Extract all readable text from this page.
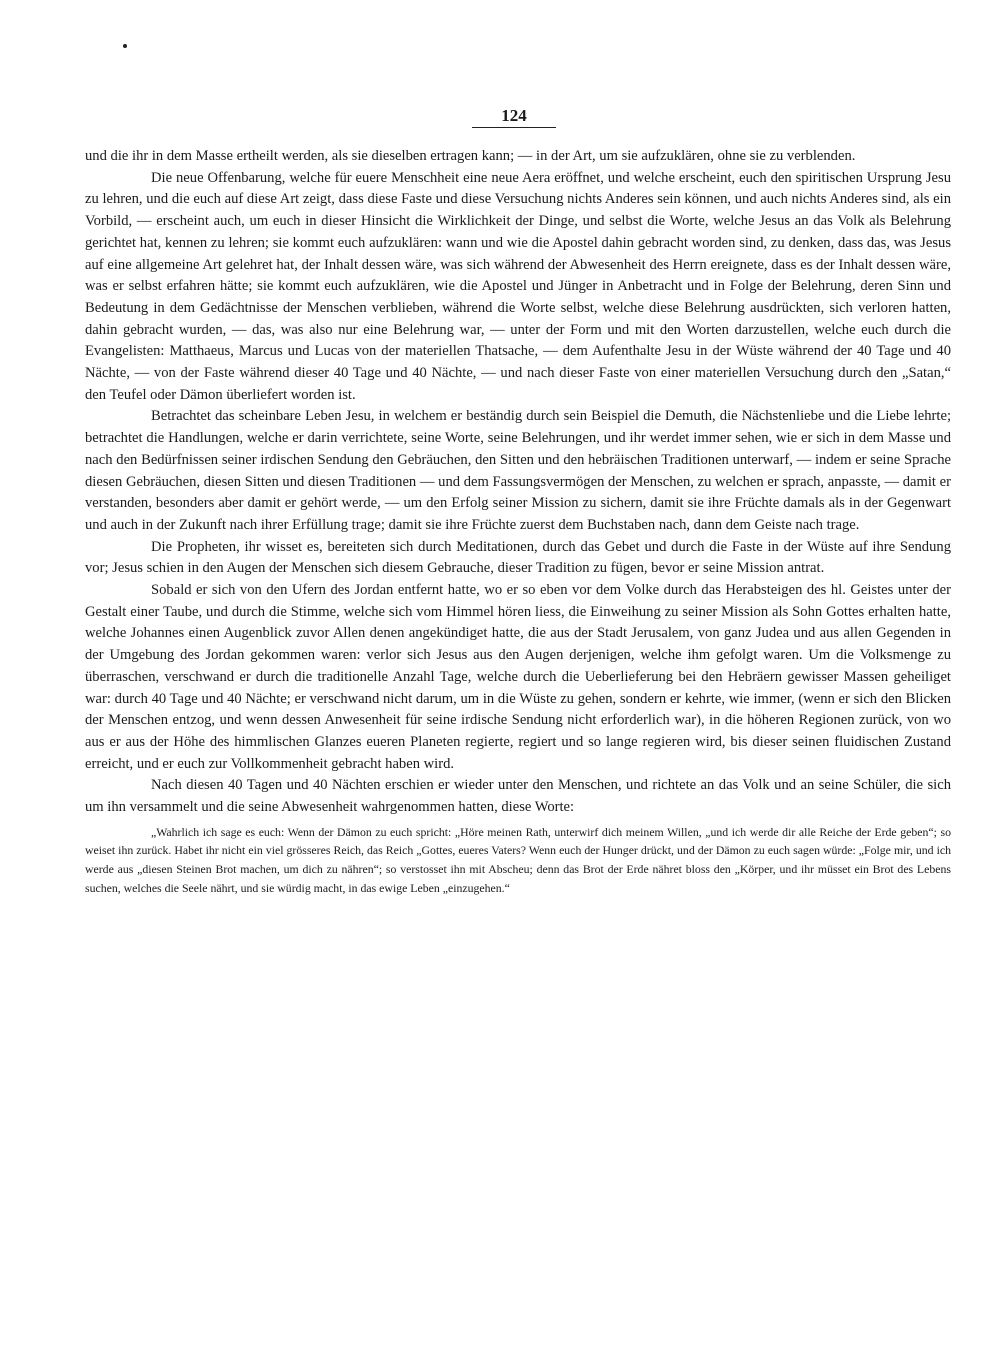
124

und die ihr in dem Masse ertheilt werden, als sie dieselben ertragen kann; — in der Art, um sie aufzuklären, ohne sie zu verblenden.

Die neue Offenbarung, welche für euere Menschheit eine neue Aera eröffnet, und welche erscheint, euch den spiritischen Ursprung Jesu zu lehren, und die euch auf diese Art zeigt, dass diese Faste und diese Versuchung nichts Anderes sein können, und auch nichts Anderes sind, als ein Vorbild, — erscheint auch, um euch in dieser Hinsicht die Wirklichkeit der Dinge, und selbst die Worte, welche Jesus an das Volk als Belehrung gerichtet hat, kennen zu lehren; sie kommt euch aufzuklären: wann und wie die Apostel dahin gebracht worden sind, zu denken, dass das, was Jesus auf eine allgemeine Art gelehret hat, der Inhalt dessen wäre, was sich während der Abwesenheit des Herrn ereignete, dass es der Inhalt dessen wäre, was er selbst erfahren hätte; sie kommt euch aufzuklären, wie die Apostel und Jünger in Anbetracht und in Folge der Belehrung, deren Sinn und Bedeutung in dem Gedächtnisse der Menschen verblieben, während die Worte selbst, welche diese Belehrung ausdrückten, sich verloren hatten, dahin gebracht wurden, — das, was also nur eine Belehrung war, — unter der Form und mit den Worten darzustellen, welche euch durch die Evangelisten: Matthaeus, Marcus und Lucas von der materiellen Thatsache, — dem Aufenthalte Jesu in der Wüste während der 40 Tage und 40 Nächte, — von der Faste während dieser 40 Tage und 40 Nächte, — und nach dieser Faste von einer materiellen Versuchung durch den „Satan,“ den Teufel oder Dämon überliefert worden ist.

Betrachtet das scheinbare Leben Jesu, in welchem er beständig durch sein Beispiel die Demuth, die Nächstenliebe und die Liebe lehrte; betrachtet die Handlungen, welche er darin verrichtete, seine Worte, seine Belehrungen, und ihr werdet immer sehen, wie er sich in dem Masse und nach den Bedürfnissen seiner irdischen Sendung den Gebräuchen, den Sitten und den hebräischen Traditionen unterwarf, — indem er seine Sprache diesen Gebräuchen, diesen Sitten und diesen Traditionen — und dem Fassungsvermögen der Menschen, zu welchen er sprach, anpasste, — damit er verstanden, besonders aber damit er gehört werde, — um den Erfolg seiner Mission zu sichern, damit sie ihre Früchte damals als in der Gegenwart und auch in der Zukunft nach ihrer Erfüllung trage; damit sie ihre Früchte zuerst dem Buchstaben nach, dann dem Geiste nach trage.

Die Propheten, ihr wisset es, bereiteten sich durch Meditationen, durch das Gebet und durch die Faste in der Wüste auf ihre Sendung vor; Jesus schien in den Augen der Menschen sich diesem Gebrauche, dieser Tradition zu fügen, bevor er seine Mission antrat.

Sobald er sich von den Ufern des Jordan entfernt hatte, wo er so eben vor dem Volke durch das Herabsteigen des hl. Geistes unter der Gestalt einer Taube, und durch die Stimme, welche sich vom Himmel hören liess, die Einweihung zu seiner Mission als Sohn Gottes erhalten hatte, welche Johannes einen Augenblick zuvor Allen denen angekündiget hatte, die aus der Stadt Jerusalem, von ganz Judea und aus allen Gegenden in der Umgebung des Jordan gekommen waren: verlor sich Jesus aus den Augen derjenigen, welche ihm gefolgt waren. Um die Volksmenge zu überraschen, verschwand er durch die traditionelle Anzahl Tage, welche durch die Ueberlieferung bei den Hebräern gewisser Massen geheiliget war: durch 40 Tage und 40 Nächte; er verschwand nicht darum, um in die Wüste zu gehen, sondern er kehrte, wie immer, (wenn er sich den Blicken der Menschen entzog, und wenn dessen Anwesenheit für seine irdische Sendung nicht erforderlich war), in die höheren Regionen zurück, von wo aus er aus der Höhe des himmlischen Glanzes eueren Planeten regierte, regiert und so lange regieren wird, bis dieser seinen fluidischen Zustand erreicht, und er euch zur Vollkommenheit gebracht haben wird.

Nach diesen 40 Tagen und 40 Nächten erschien er wieder unter den Menschen, und richtete an das Volk und an seine Schüler, die sich um ihn versammelt und die seine Abwesenheit wahrgenommen hatten, diese Worte:

„Wahrlich ich sage es euch: Wenn der Dämon zu euch spricht: „Höre meinen Rath, unterwirf dich meinem Willen, „und ich werde dir alle Reiche der Erde geben“; so weiset ihn zurück. Habet ihr nicht ein viel grösseres Reich, das Reich „Gottes, eueres Vaters? Wenn euch der Hunger drückt, und der Dämon zu euch sagen würde: „Folge mir, und ich werde aus „diesen Steinen Brot machen, um dich zu nähren“; so verstosset ihn mit Abscheu; denn das Brot der Erde nähret bloss den „Körper, und ihr müsset ein Brot des Lebens suchen, welches die Seele nährt, und sie würdig macht, in das ewige Leben „einzugehen.“
